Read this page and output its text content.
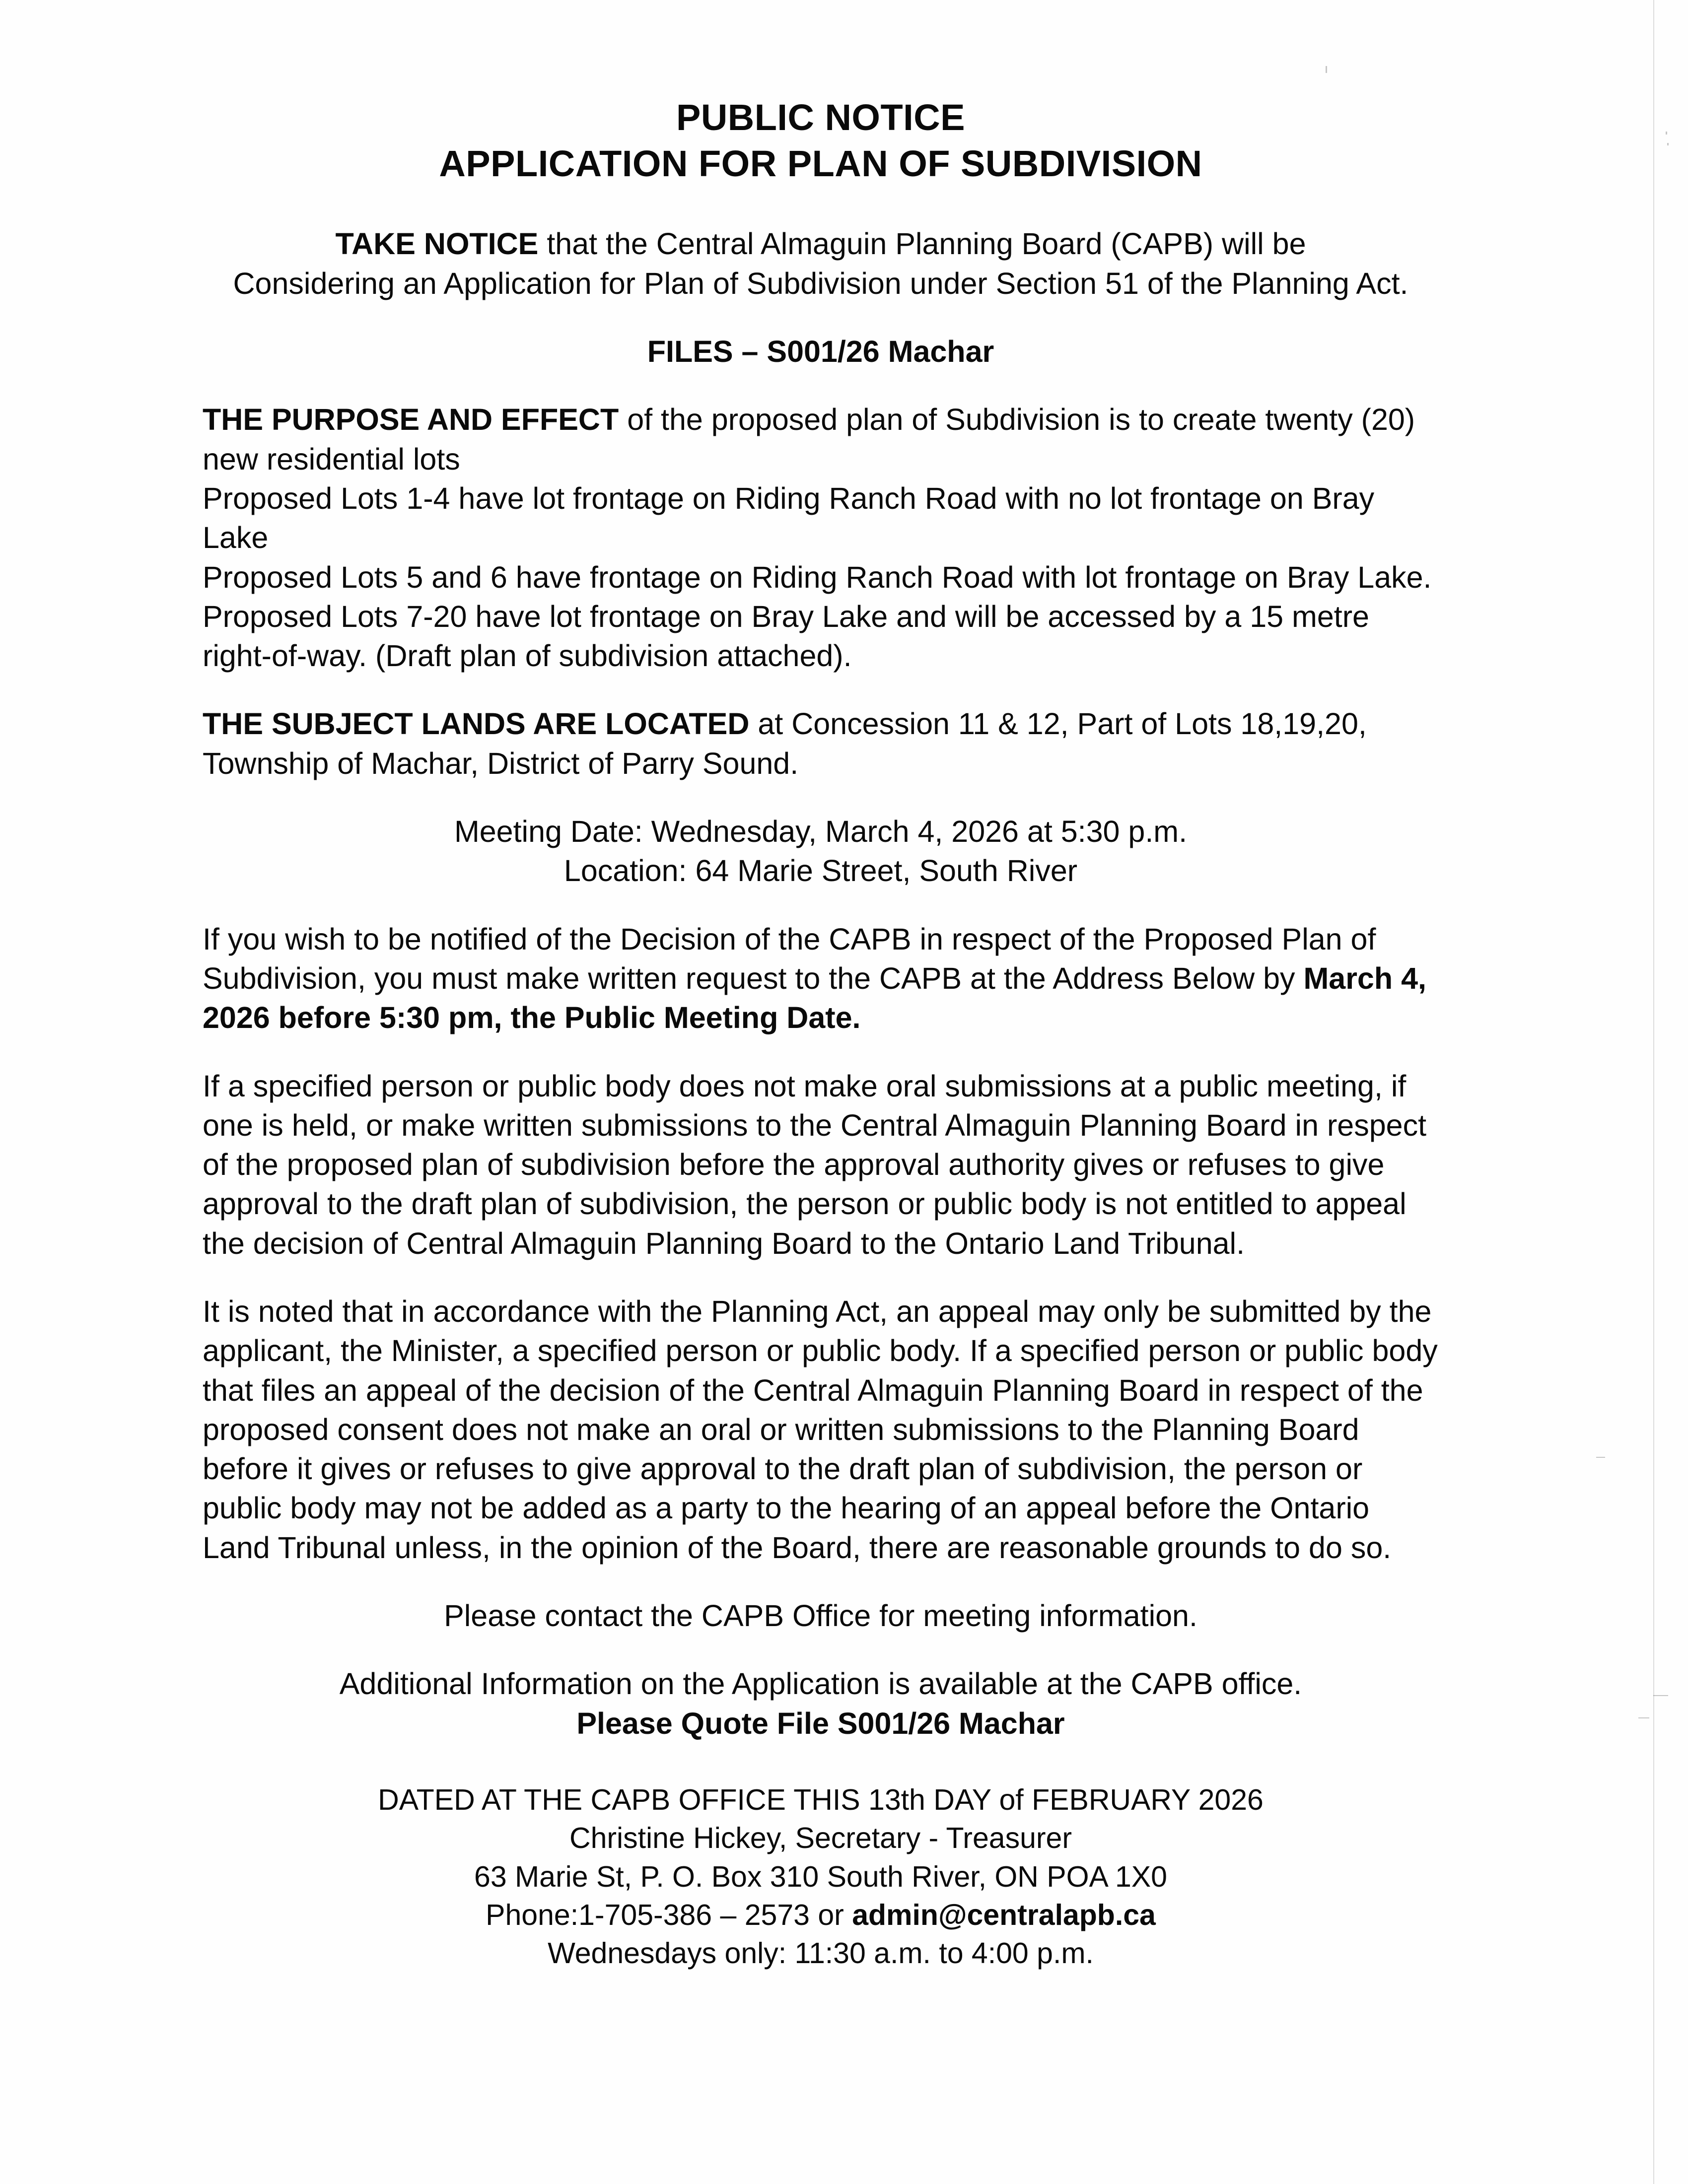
PUBLIC NOTICE
APPLICATION FOR PLAN OF SUBDIVISION

TAKE NOTICE that the Central Almaguin Planning Board (CAPB) will be
Considering an Application for Plan of Subdivision under Section 51 of the Planning Act.

FILES – S001/26 Machar

THE PURPOSE AND EFFECT of the proposed plan of Subdivision is to create twenty (20) new residential lots

Proposed Lots 1-4 have lot frontage on Riding Ranch Road with no lot frontage on Bray Lake

Proposed Lots 5 and 6 have frontage on Riding Ranch Road with lot frontage on Bray Lake.

Proposed Lots 7-20 have lot frontage on Bray Lake and will be accessed by a 15 metre right-of-way. (Draft plan of subdivision attached).

THE SUBJECT LANDS ARE LOCATED at Concession 11 & 12, Part of Lots 18,19,20, Township of Machar, District of Parry Sound.

Meeting Date: Wednesday, March 4, 2026 at 5:30 p.m.

Location: 64 Marie Street, South River

If you wish to be notified of the Decision of the CAPB in respect of the Proposed Plan of Subdivision, you must make written request to the CAPB at the Address Below by March 4, 2026 before 5:30 pm, the Public Meeting Date.

If a specified person or public body does not make oral submissions at a public meeting, if one is held, or make written submissions to the Central Almaguin Planning Board in respect of the proposed plan of subdivision before the approval authority gives or refuses to give approval to the draft plan of subdivision, the person or public body is not entitled to appeal the decision of Central Almaguin Planning Board to the Ontario Land Tribunal.

It is noted that in accordance with the Planning Act, an appeal may only be submitted by the applicant, the Minister, a specified person or public body. If a specified person or public body that files an appeal of the decision of the Central Almaguin Planning Board in respect of the proposed consent does not make an oral or written submissions to the Planning Board before it gives or refuses to give approval to the draft plan of subdivision, the person or public body may not be added as a party to the hearing of an appeal before the Ontario Land Tribunal unless, in the opinion of the Board, there are reasonable grounds to do so.

Please contact the CAPB Office for meeting information.

Additional Information on the Application is available at the CAPB office.

Please Quote File S001/26 Machar

DATED AT THE CAPB OFFICE THIS 13th DAY of FEBRUARY 2026

Christine Hickey, Secretary - Treasurer

63 Marie St, P. O. Box 310 South River, ON POA 1X0

Phone:1-705-386 – 2573 or admin@centralapb.ca

Wednesdays only: 11:30 a.m. to 4:00 p.m.
